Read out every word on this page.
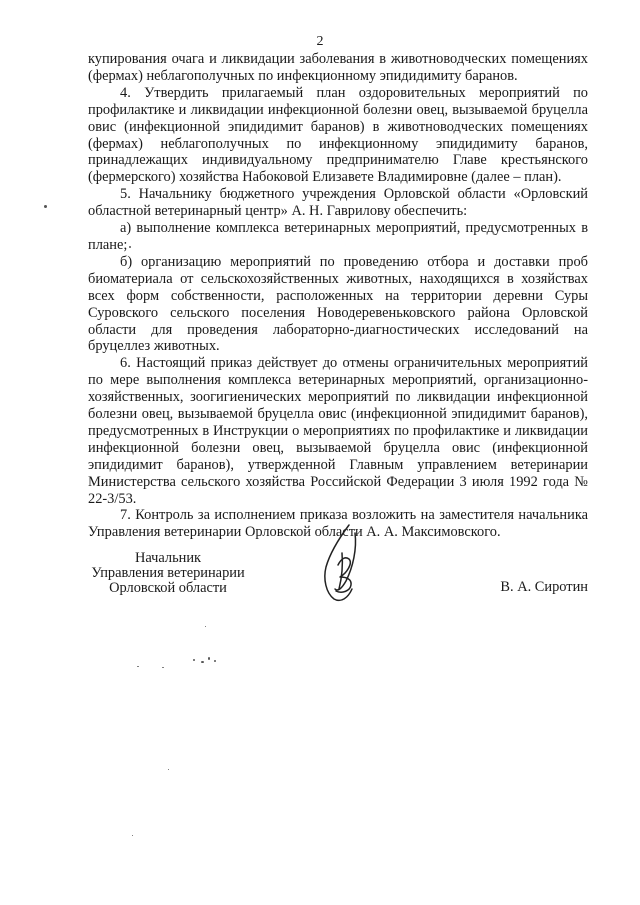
2

купирования очага и ликвидации заболевания в животноводческих помещениях (фермах) неблагополучных по инфекционному эпидидимиту баранов.

4. Утвердить прилагаемый план оздоровительных мероприятий по профилактике и ликвидации инфекционной болезни овец, вызываемой бруцелла овис (инфекционной эпидидимит баранов) в животноводческих помещениях (фермах) неблагополучных по инфекционному эпидидимиту баранов, принадлежащих индивидуальному предпринимателю Главе крестьянского (фермерского) хозяйства Набоковой Елизавете Владимировне (далее – план).

5. Начальнику бюджетного учреждения Орловской области «Орловский областной ветеринарный центр» А. Н. Гаврилову обеспечить:

а) выполнение комплекса ветеринарных мероприятий, предусмотренных в плане;

б) организацию мероприятий по проведению отбора и доставки проб биоматериала от сельскохозяйственных животных, находящихся в хозяйствах всех форм собственности, расположенных на территории деревни Суры Суровского сельского поселения Новодеревеньковского района Орловской области для проведения лабораторно-диагностических исследований на бруцеллез животных.

6. Настоящий приказ действует до отмены ограничительных мероприятий по мере выполнения комплекса ветеринарных мероприятий, организационно-хозяйственных, зоогигиенических мероприятий по ликвидации инфекционной болезни овец, вызываемой бруцелла овис (инфекционной эпидидимит баранов), предусмотренных в Инструкции о мероприятиях по профилактике и ликвидации инфекционной болезни овец, вызываемой бруцелла овис (инфекционной эпидидимит баранов), утвержденной Главным управлением ветеринарии Министерства сельского хозяйства Российской Федерации 3 июля 1992 года № 22-3/53.

7. Контроль за исполнением приказа возложить на заместителя начальника Управления ветеринарии Орловской области А. А. Максимовского.

Начальник
Управления ветеринарии
Орловской области	В. А. Сиротин
